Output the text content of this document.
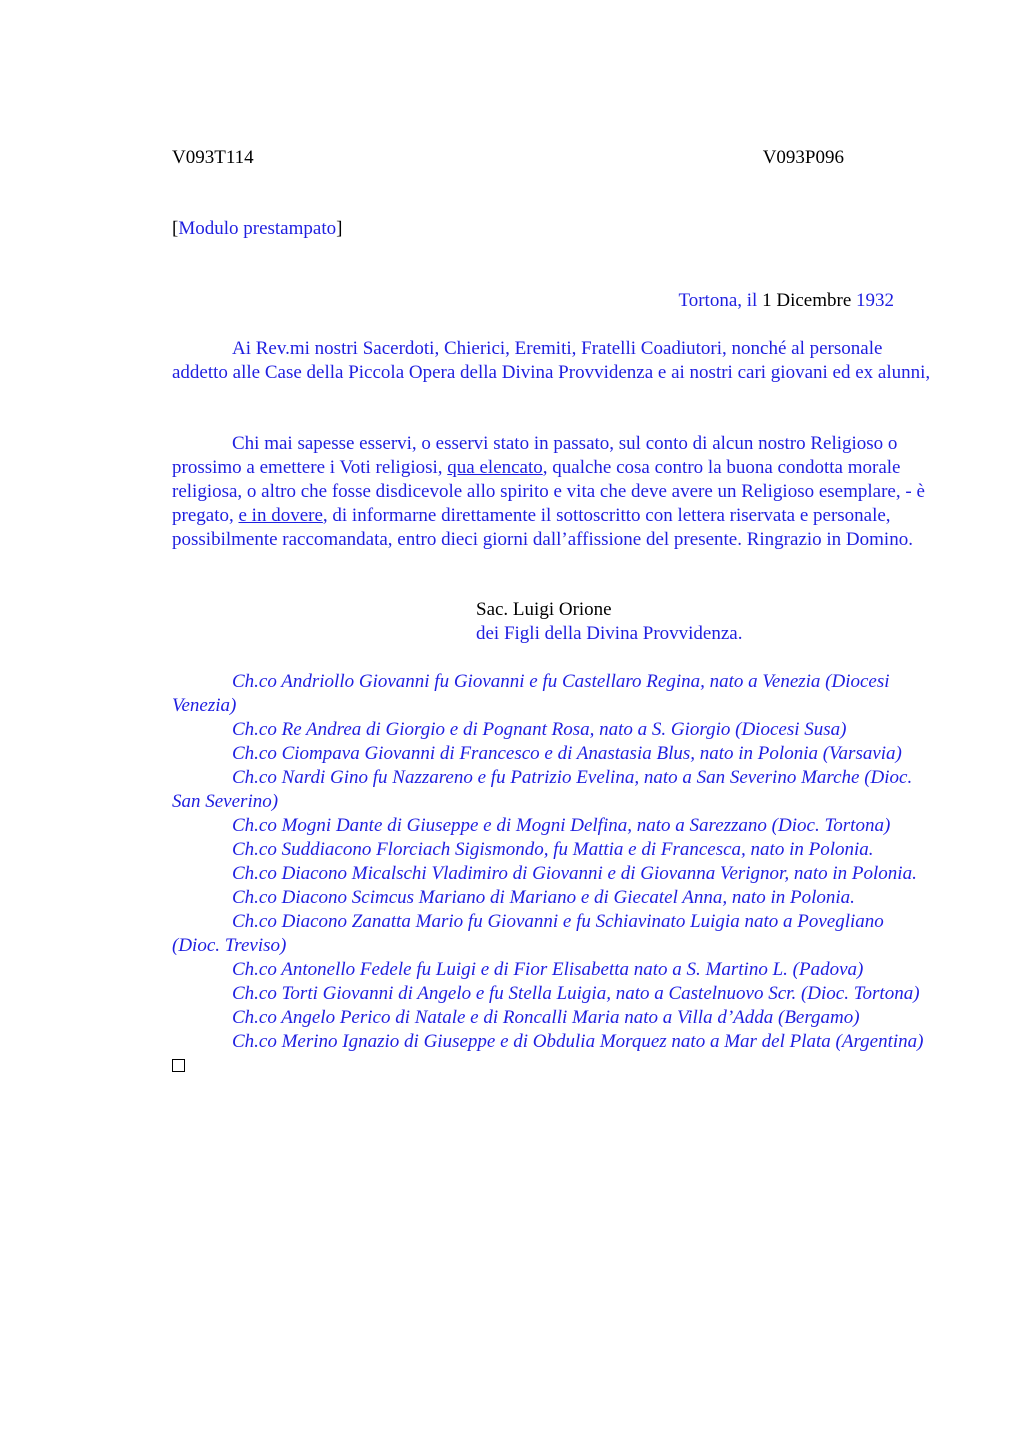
V093T114	V093P096
[Modulo prestampato]
Tortona, il 1 Dicembre 1932

Ai Rev.mi nostri Sacerdoti, Chierici, Eremiti, Fratelli Coadiutori, nonché al personale addetto alle Case della Piccola Opera della Divina Provvidenza e ai nostri cari giovani ed ex alunni,

Chi mai sapesse esservi, o esservi stato in passato, sul conto di alcun nostro Religioso o prossimo a emettere i Voti religiosi, qua elencato, qualche cosa contro la buona condotta morale religiosa, o altro che fosse disdicevole allo spirito e vita che deve avere un Religioso esemplare, - è pregato, e in dovere, di informarne direttamente il sottoscritto con lettera riservata e personale, possibilmente raccomandata, entro dieci giorni dall’affissione del presente. Ringrazio in Domino.

Sac. Luigi Orione
dei Figli della Divina Provvidenza.
Ch.co Andriollo Giovanni fu Giovanni e fu Castellaro Regina, nato a Venezia (Diocesi Venezia)
Ch.co Re Andrea di Giorgio e di Pognant Rosa, nato a S. Giorgio (Diocesi Susa)
Ch.co Ciompava Giovanni di Francesco e di Anastasia Blus, nato in Polonia (Varsavia)
Ch.co Nardi Gino fu Nazzareno e fu Patrizio Evelina, nato a San Severino Marche (Dioc. San Severino)
Ch.co Mogni Dante di Giuseppe e di Mogni Delfina, nato a Sarezzano (Dioc. Tortona)
Ch.co Suddiacono Florciach Sigismondo, fu Mattia e di Francesca, nato in Polonia.
Ch.co Diacono Micalschi Vladimiro di Giovanni e di Giovanna Verignor, nato in Polonia.
Ch.co Diacono Scimcus Mariano di Mariano e di Giecatel Anna, nato in Polonia.
Ch.co Diacono Zanatta Mario fu Giovanni e fu Schiavinato Luigia nato a Povegliano (Dioc. Treviso)
Ch.co Antonello Fedele fu Luigi e di Fior Elisabetta nato a S. Martino L. (Padova)
Ch.co Torti Giovanni di Angelo e fu Stella Luigia, nato a Castelnuovo Scr. (Dioc. Tortona)
Ch.co Angelo Perico di Natale e di Roncalli Maria nato a Villa d’Adda (Bergamo)
Ch.co Merino Ignazio di Giuseppe e di Obdulia Morquez nato a Mar del Plata (Argentina)
